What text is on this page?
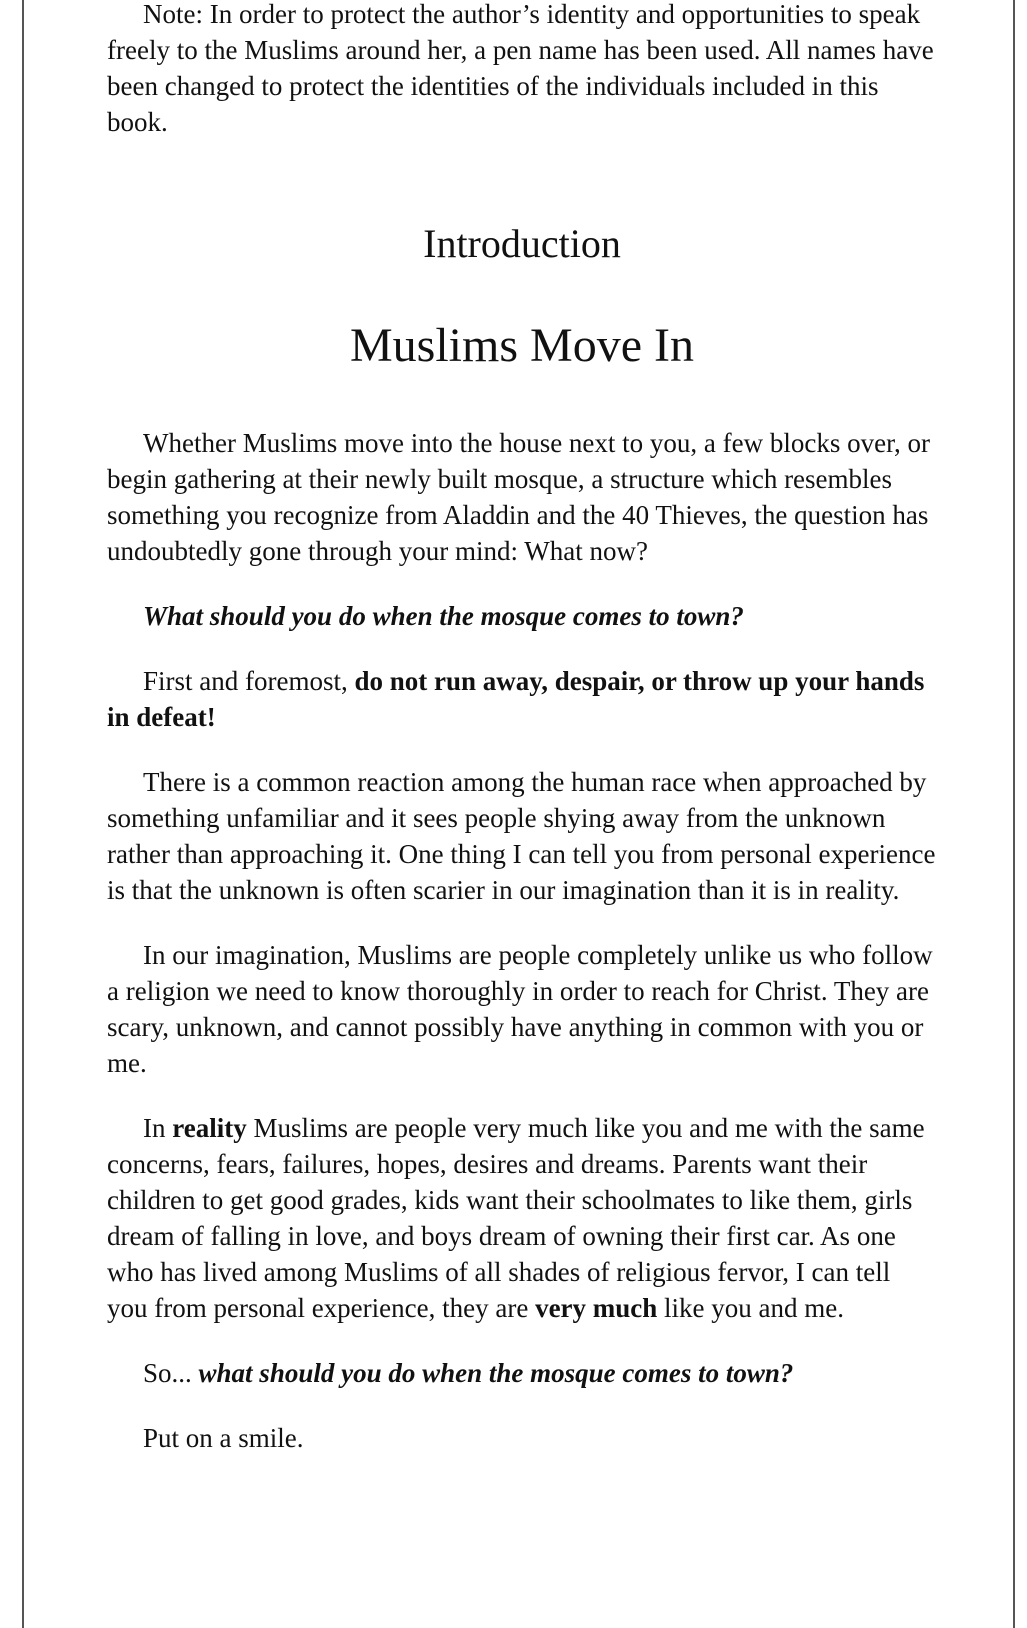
Note: In order to protect the author’s identity and opportunities to speak freely to the Muslims around her, a pen name has been used. All names have been changed to protect the identities of the individuals included in this book.

Introduction
Muslims Move In

Whether Muslims move into the house next to you, a few blocks over, or begin gathering at their newly built mosque, a structure which resembles something you recognize from Aladdin and the 40 Thieves, the question has undoubtedly gone through your mind: What now?

What should you do when the mosque comes to town?

First and foremost, do not run away, despair, or throw up your hands in defeat!

There is a common reaction among the human race when approached by something unfamiliar and it sees people shying away from the unknown rather than approaching it. One thing I can tell you from personal experience is that the unknown is often scarier in our imagination than it is in reality.

In our imagination, Muslims are people completely unlike us who follow a religion we need to know thoroughly in order to reach for Christ. They are scary, unknown, and cannot possibly have anything in common with you or me.

In reality Muslims are people very much like you and me with the same concerns, fears, failures, hopes, desires and dreams. Parents want their children to get good grades, kids want their schoolmates to like them, girls dream of falling in love, and boys dream of owning their first car. As one who has lived among Muslims of all shades of religious fervor, I can tell you from personal experience, they are very much like you and me.

So... what should you do when the mosque comes to town?

Put on a smile.
